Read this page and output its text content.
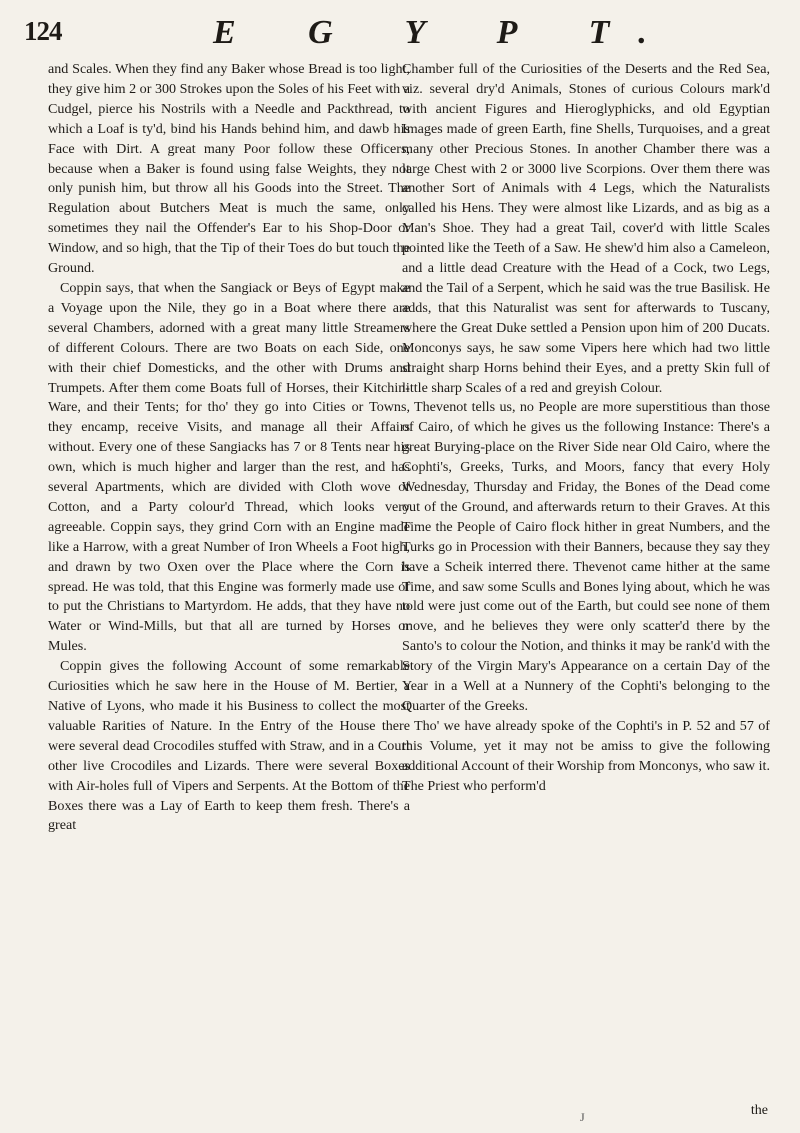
124	E G Y P T.

and Scales. When they find any Baker whose Bread is too light, they give him 2 or 300 Strokes upon the Soles of his Feet with a Cudgel, pierce his Nostrils with a Needle and Packthread, to which a Loaf is ty'd, bind his Hands behind him, and dawb his Face with Dirt. A great many Poor follow these Officers, because when a Baker is found using false Weights, they not only punish him, but throw all his Goods into the Street. The Regulation about Butchers Meat is much the same, only sometimes they nail the Offender's Ear to his Shop-Door or Window, and so high, that the Tip of their Toes do but touch the Ground.

Coppin says, that when the Sangiack or Beys of Egypt make a Voyage upon the Nile, they go in a Boat where there are several Chambers, adorned with a great many little Streamers of different Colours. There are two Boats on each Side, one with their chief Domesticks, and the other with Drums and Trumpets. After them come Boats full of Horses, their Kitchin-Ware, and their Tents; for tho' they go into Cities or Towns, they encamp, receive Visits, and manage all their Affairs without. Every one of these Sangiacks has 7 or 8 Tents near his own, which is much higher and larger than the rest, and has several Apartments, which are divided with Cloth wove of Cotton, and a Party colour'd Thread, which looks very agreeable. Coppin says, they grind Corn with an Engine made like a Harrow, with a great Number of Iron Wheels a Foot high, and drawn by two Oxen over the Place where the Corn is spread. He was told, that this Engine was formerly made use of to put the Christians to Martyrdom. He adds, that they have no Water or Wind-Mills, but that all are turned by Horses or Mules.

Coppin gives the following Account of some remarkable Curiosities which he saw here in the House of M. Bertier, a Native of Lyons, who made it his Business to collect the most valuable Rarities of Nature. In the Entry of the House there were several dead Crocodiles stuffed with Straw, and in a Court other live Crocodiles and Lizards. There were several Boxes with Air-holes full of Vipers and Serpents. At the Bottom of the Boxes there was a Lay of Earth to keep them fresh. There's a great

Chamber full of the Curiosities of the Deserts and the Red Sea, viz. several dry'd Animals, Stones of curious Colours mark'd with ancient Figures and Hieroglyphicks, and old Egyptian Images made of green Earth, fine Shells, Turquoises, and a great many other Precious Stones. In another Chamber there was a large Chest with 2 or 3000 live Scorpions. Over them there was another Sort of Animals with 4 Legs, which the Naturalists called his Hens. They were almost like Lizards, and as big as a Man's Shoe. They had a great Tail, cover'd with little Scales pointed like the Teeth of a Saw. He shew'd him also a Cameleon, and a little dead Creature with the Head of a Cock, two Legs, and the Tail of a Serpent, which he said was the true Basilisk. He adds, that this Naturalist was sent for afterwards to Tuscany, where the Great Duke settled a Pension upon him of 200 Ducats. Monconys says, he saw some Vipers here which had two little straight sharp Horns behind their Eyes, and a pretty Skin full of little sharp Scales of a red and greyish Colour.

Thevenot tells us, no People are more superstitious than those of Cairo, of which he gives us the following Instance: There's a great Burying-place on the River Side near Old Cairo, where the Cophti's, Greeks, Turks, and Moors, fancy that every Holy Wednesday, Thursday and Friday, the Bones of the Dead come out of the Ground, and afterwards return to their Graves. At this Time the People of Cairo flock hither in great Numbers, and the Turks go in Procession with their Banners, because they say they have a Scheik interred there. Thevenot came hither at the same Time, and saw some Sculls and Bones lying about, which he was told were just come out of the Earth, but could see none of them move, and he believes they were only scatter'd there by the Santo's to colour the Notion, and thinks it may be rank'd with the Story of the Virgin Mary's Appearance on a certain Day of the Year in a Well at a Nunnery of the Cophti's belonging to the Quarter of the Greeks.

Tho' we have already spoke of the Cophti's in P. 52 and 57 of this Volume, yet it may not be amiss to give the following additional Account of their Worship from Monconys, who saw it. The Priest who perform'd

J	the
